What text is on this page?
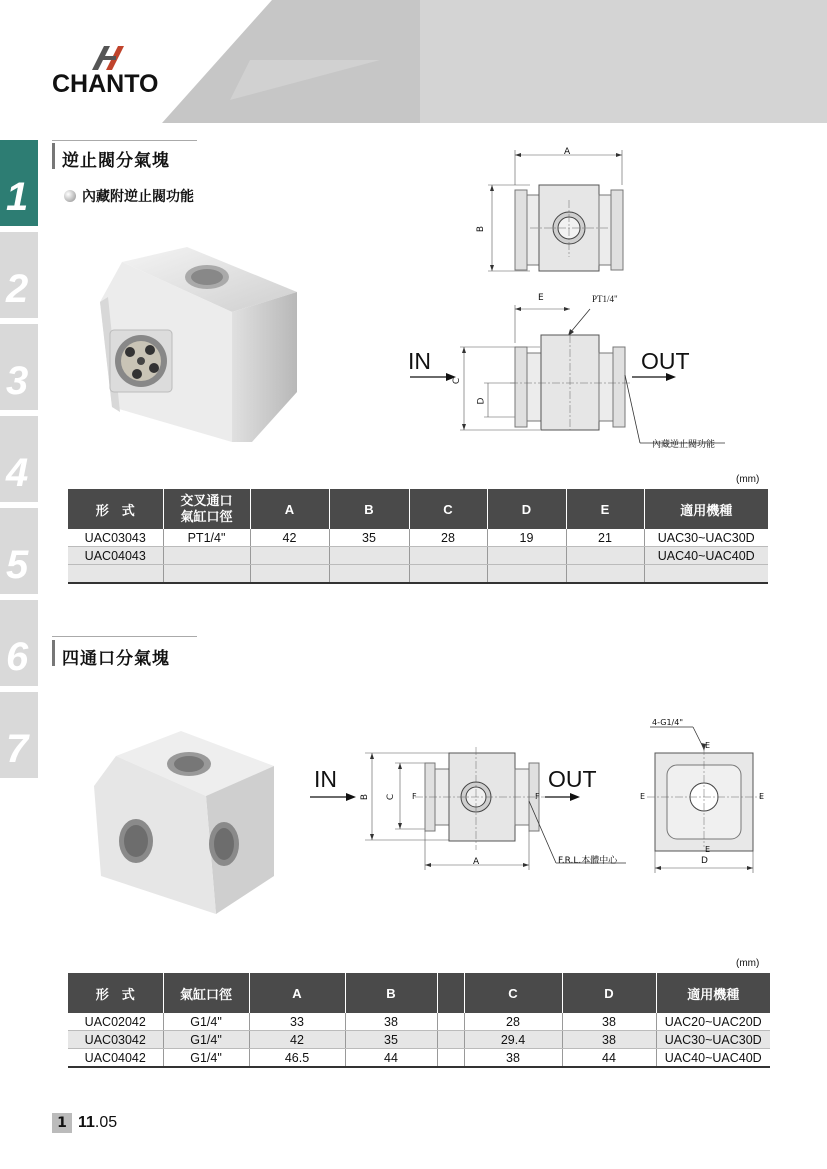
CHANTO
1
2
3
4
5
6
7
逆止閥分氣塊
內藏附逆止閥功能
A
B
E	PT1/4"
C
D
IN	OUT
內藏逆止閥功能
(mm)
形　式	交叉通口
氣缸口徑	A	B	C	D	E	適用機種
UAC03043	PT1/4"	42	35	28	19	21	UAC30~UAC30D
UAC04043							UAC40~UAC40D

四通口分氣塊
IN	OUT
B C F	F
A	F.R.L.本體中心
4-G1/4"
E
E	E
E
D
(mm)
形　式	氣缸口徑	A	B		C	D	適用機種
UAC02042	G1/4"	33	38		28	38	UAC20~UAC20D
UAC03042	G1/4"	42	35		29.4	38	UAC30~UAC30D
UAC04042	G1/4"	46.5	44		38	44	UAC40~UAC40D
1 11.05
